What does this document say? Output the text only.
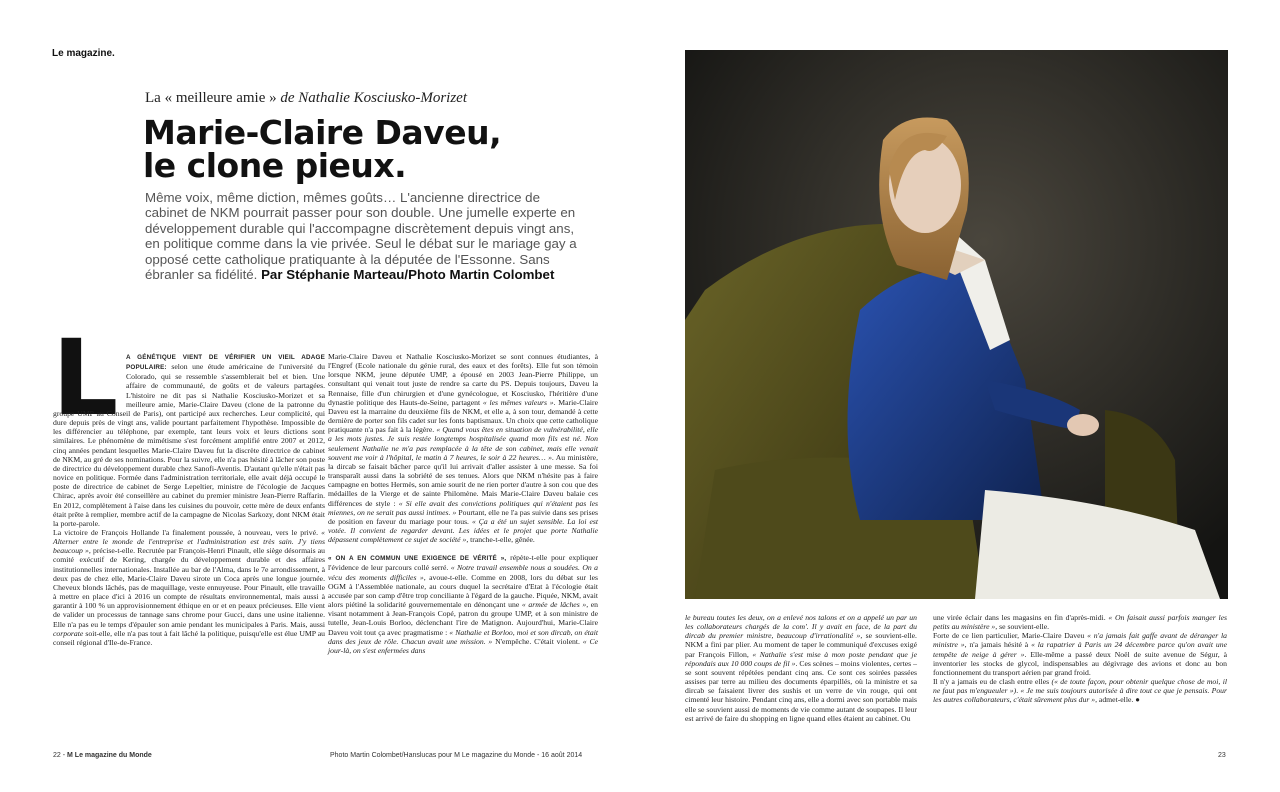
Le magazine.
La « meilleure amie » de Nathalie Kosciusko-Morizet
Marie-Claire Daveu,
le clone pieux.
Même voix, même diction, mêmes goûts… L'ancienne directrice de cabinet de NKM pourrait passer pour son double. Une jumelle experte en développement durable qui l'accompagne discrètement depuis vingt ans, en politique comme dans la vie privée. Seul le débat sur le mariage gay a opposé cette catholique pratiquante à la députée de l'Essonne. Sans ébranler sa fidélité. Par Stéphanie Marteau/Photo Martin Colombet
L A GÉNÉTIQUE VIENT DE VÉRIFIER UN VIEIL ADAGE POPULAIRE: selon une étude américaine de l'université du Colorado, qui se ressemble s'assemblerait bel et bien. Une affaire de communauté, de goûts et de valeurs partagées. L'histoire ne dit pas si Nathalie Kosciusko-Morizet et sa meilleure amie, Marie-Claire Daveu (clone de la patronne du groupe UMP au Conseil de Paris), ont participé aux recherches. Leur complicité, qui dure depuis près de vingt ans, valide pourtant parfaitement l'hypothèse. Impossible de les différencier au téléphone, par exemple, tant leurs voix et leurs dictions sont similaires. Le phénomène de mimétisme s'est forcément amplifié entre 2007 et 2012, cinq années pendant lesquelles Marie-Claire Daveu fut la discrète directrice de cabinet de NKM, au gré de ses nominations. Pour la suivre, elle n'a pas hésité à lâcher son poste de directrice du développement durable chez Sanofi-Aventis. D'autant qu'elle n'était pas novice en politique. Formée dans l'administration territoriale, elle avait déjà occupé le poste de directrice de cabinet de Serge Lepeltier, ministre de l'écologie de Jacques Chirac, après avoir été conseillère au cabinet du premier ministre Jean-Pierre Raffarin. En 2012, complètement à l'aise dans les cuisines du pouvoir, cette mère de deux enfants était prête à remplier, membre actif de la campagne de Nicolas Sarkozy, dont NKM était la porte-parole.
La victoire de François Hollande l'a finalement poussée, à nouveau, vers le privé. « Alterner entre le monde de l'entreprise et l'administration est très sain. J'y tiens beaucoup », précise-t-elle. Recrutée par François-Henri Pinault, elle siège désormais au comité exécutif de Kering, chargée du développement durable et des affaires institutionnelles internationales. Installée au bar de l'Alma, dans le 7e arrondissement, à deux pas de chez elle, Marie-Claire Daveu sirote un Coca après une longue journée. Cheveux blonds lâchés, pas de maquillage, veste ennuyeuse. Pour Pinault, elle travaille à mettre en place d'ici à 2016 un compte de résultats environnemental, mais aussi à garantir à 100 % un approvisionnement éthique en or et en peaux précieuses. Elle vient de valider un processus de tannage sans chrome pour Gucci, dans une usine italienne. Elle n'a pas eu le temps d'épauler son amie pendant les municipales à Paris. Mais, aussi corporate soit-elle, elle n'a pas tout à fait lâché la politique, puisqu'elle est élue UMP au conseil régional d'Ile-de-France.
Marie-Claire Daveu et Nathalie Kosciusko-Morizet se sont connues étudiantes, à l'Engref (Ecole nationale du génie rural, des eaux et des forêts). Elle fut son témoin lorsque NKM, jeune députée UMP, a épousé en 2003 Jean-Pierre Philippe, un consultant qui venait tout juste de rendre sa carte du PS. Depuis toujours, Daveu la Rennaise, fille d'un chirurgien et d'une gynécologue, et Kosciusko, l'héritière d'une dynastie politique des Hauts-de-Seine, partagent « les mêmes valeurs ». Marie-Claire Daveu est la marraine du deuxième fils de NKM, et elle a, à son tour, demandé à cette dernière de porter son fils cadet sur les fonts baptismaux. Un choix que cette catholique pratiquante n'a pas fait à la légère. « Quand vous êtes en situation de vulnérabilité, elle a les mots justes. Je suis restée longtemps hospitalisée quand mon fils est né. Non seulement Nathalie ne m'a pas remplacée à la tête de son cabinet, mais elle venait souvent me voir à l'hôpital, le matin à 7 heures, le soir à 22 heures… ». Au ministère, la dircab se faisait bâcher parce qu'il lui arrivait d'aller assister à une messe. Sa foi transparaît aussi dans la sobriété de ses tenues. Alors que NKM n'hésite pas à faire campagne en bottes Hermès, son amie sourit de ne rien porter d'autre à son cou que des médailles de la Vierge et de sainte Philomène. Mais Marie-Claire Daveu balaie ces différences de style : « Si elle avait des convictions politiques qui n'étaient pas les miennes, on ne serait pas aussi intimes. » Pourtant, elle ne l'a pas suivie dans ses prises de position en faveur du mariage pour tous. « Ça a été un sujet sensible. La loi est votée. Il convient de regarder devant. Les idées et le projet que porte Nathalie dépassent complètement ce sujet de société », tranche-t-elle, gênée.
« ON A EN COMMUN UNE EXIGENCE DE VÉRITÉ », répète-t-elle pour expliquer l'évidence de leur parcours collé serré. « Notre travail ensemble nous a soudées. On a vécu des moments difficiles », avoue-t-elle. Comme en 2008, lors du débat sur les OGM à l'Assemblée nationale, au cours duquel la secrétaire d'Etat à l'écologie était accusée par son camp d'être trop conciliante à l'égard de la gauche. Piquée, NKM, avait alors piétiné la solidarité gouvernementale en dénonçant une « armée de lâches », en visant notamment à Jean-François Copé, patron du groupe UMP, et à son ministre de tutelle, Jean-Louis Borloo, déclenchant l'ire de Matignon. Aujourd'hui, Marie-Claire Daveu voit tout ça avec pragmatisme : « Nathalie et Borloo, moi et son dircab, on était dans des jeux de rôle. Chacun avait une mission. » N'empêche. C'était violent. « Ce jour-là, on s'est enfermées dans
le bureau toutes les deux, on a enlevé nos talons et on a appelé un par un les collaborateurs chargés de la com'. Il y avait en face, de la part du dircab du premier ministre, beaucoup d'irrationalité », se souvient-elle. NKM a fini par plier. Au moment de taper le communiqué d'excuses exigé par François Fillon, « Nathalie s'est mise à mon poste pendant que je répondais aux 10 000 coups de fil ». Ces scènes – moins violentes, certes – se sont souvent répétées pendant cinq ans. Ce sont ces soirées passées assises par terre au milieu des documents éparpillés, où la ministre et sa dircab se faisaient livrer des sushis et un verre de vin rouge, qui ont cimenté leur histoire. Pendant cinq ans, elle a dormi avec son portable mais elle se souvient aussi de moments de vie comme autant de soupapes. Il leur est arrivé de faire du shopping en ligne quand elles étaient au cabinet. Ou
une virée éclair dans les magasins en fin d'après-midi. « On faisait aussi parfois manger les petits au ministère », se souvient-elle.
Forte de ce lien particulier, Marie-Claire Daveu « n'a jamais fait gaffe avant de déranger la ministre », n'a jamais hésité à « la rapatrier à Paris un 24 décembre parce qu'on avait une tempête de neige à gérer ». Elle-même a passé deux Noël de suite avenue de Ségur, à inventorier les stocks de glycol, indispensables au dégivrage des avions et donc au bon fonctionnement du transport aérien par grand froid.
Il n'y a jamais eu de clash entre elles (« de toute façon, pour obtenir quelque chose de moi, il ne faut pas m'engueuler »). « Je me suis toujours autorisée à dire tout ce que je pensais. Pour les autres collaborateurs, c'était sûrement plus dur », admet-elle. ●
22 - M Le magazine du Monde	Photo Martin Colombet/Hanslucas pour M Le magazine du Monde - 16 août 2014	23
